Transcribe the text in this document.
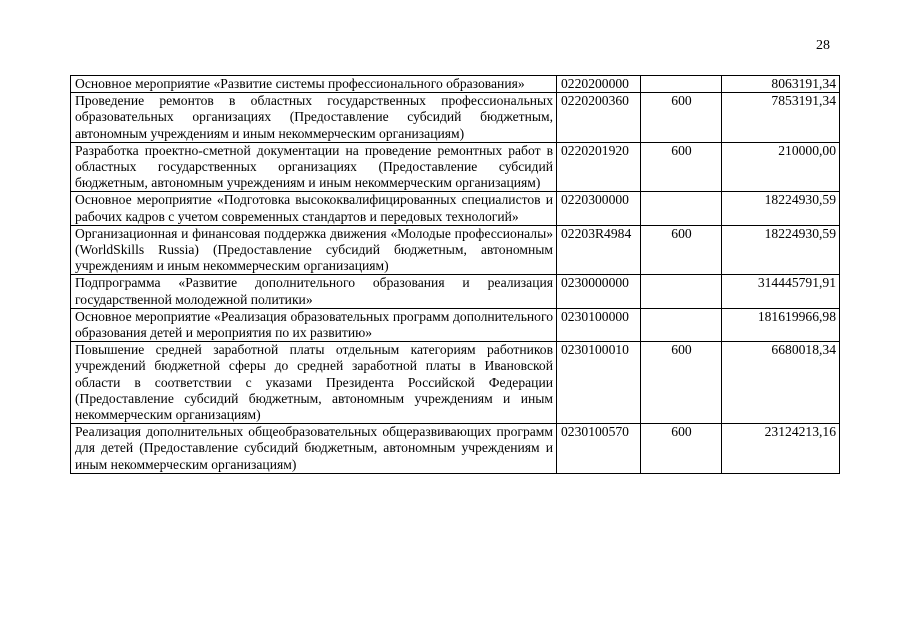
28
Основное мероприятие «Развитие системы профессионального образования»	0220200000		8063191,34
Проведение ремонтов в областных государственных профессиональных образовательных организациях (Предоставление субсидий бюджетным, автономным учреждениям и иным некоммерческим организациям)	0220200360	600	7853191,34
Разработка проектно-сметной документации на проведение ремонтных работ в областных государственных организациях (Предоставление субсидий бюджетным, автономным учреждениям и иным некоммерческим организациям)	0220201920	600	210000,00
Основное мероприятие «Подготовка высококвалифицированных специалистов и рабочих кадров с учетом современных стандартов и передовых технологий»	0220300000		18224930,59
Организационная и финансовая поддержка движения «Молодые профессионалы» (WorldSkills Russia) (Предоставление субсидий бюджетным, автономным учреждениям и иным некоммерческим организациям)	02203R4984	600	18224930,59
Подпрограмма «Развитие дополнительного образования и реализация государственной молодежной политики»	0230000000		314445791,91
Основное мероприятие «Реализация образовательных программ дополнительного образования детей и мероприятия по их развитию»	0230100000		181619966,98
Повышение средней заработной платы отдельным категориям работников учреждений бюджетной сферы до средней заработной платы в Ивановской области в соответствии с указами Президента Российской Федерации (Предоставление субсидий бюджетным, автономным учреждениям и иным некоммерческим организациям)	0230100010	600	6680018,34
Реализация дополнительных общеобразовательных общеразвивающих программ для детей (Предоставление субсидий бюджетным, автономным учреждениям и иным некоммерческим организациям)	0230100570	600	23124213,16
